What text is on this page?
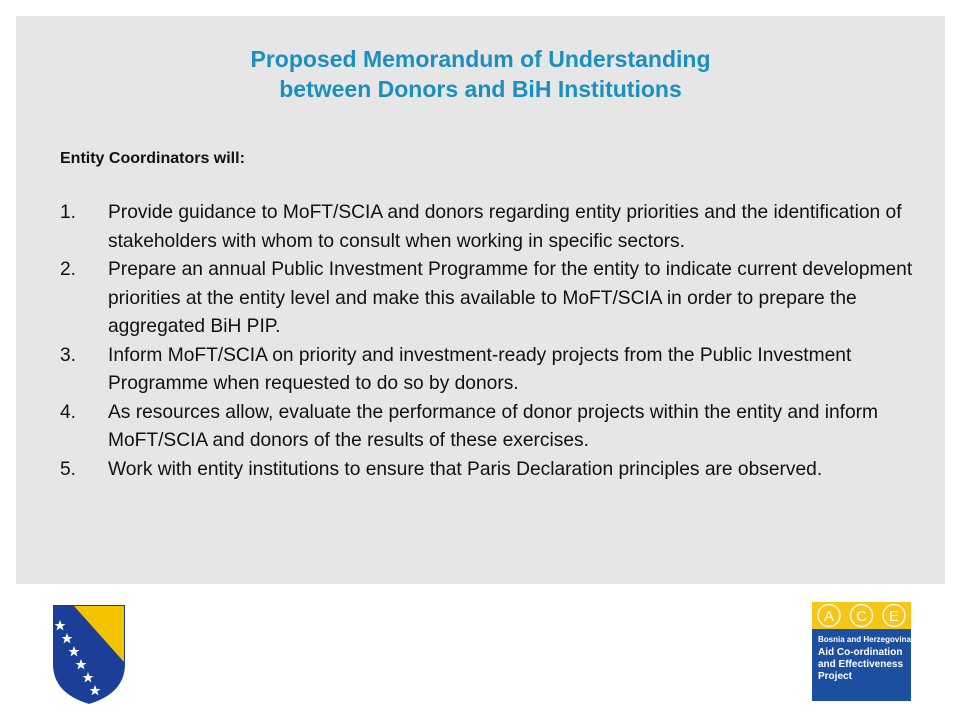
Proposed Memorandum of Understanding
between Donors and BiH Institutions
Entity Coordinators will:
1. Provide guidance to MoFT/SCIA and donors regarding entity priorities and the identification of stakeholders with whom to consult when working in specific sectors.
2. Prepare an annual Public Investment Programme for the entity to indicate current development priorities at the entity level and make this available to MoFT/SCIA in order to prepare the aggregated BiH PIP.
3. Inform MoFT/SCIA on priority and investment-ready projects from the Public Investment Programme when requested to do so by donors.
4. As resources allow, evaluate the performance of donor projects within the entity and inform MoFT/SCIA and donors of the results of these exercises.
5. Work with entity institutions to ensure that Paris Declaration principles are observed.
A C E
Bosnia and Herzegovina
Aid Co-ordination
and Effectiveness
Project
